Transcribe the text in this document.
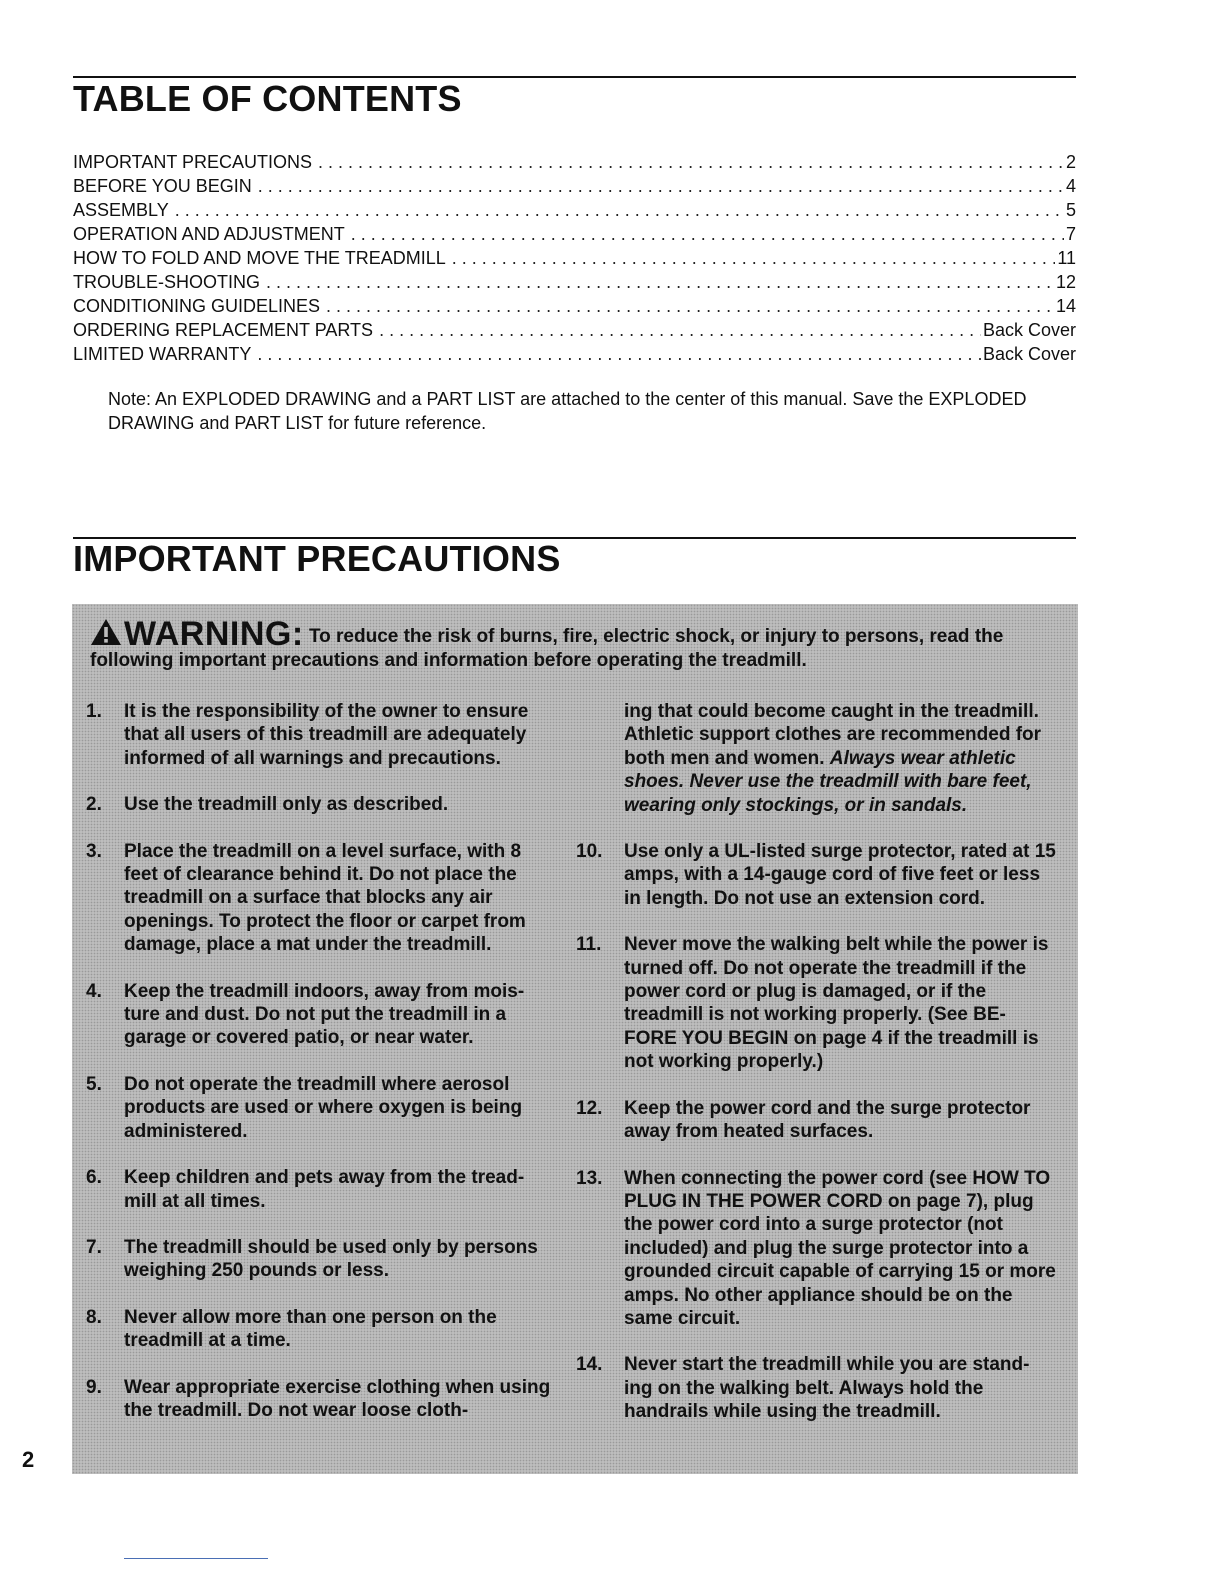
TABLE OF CONTENTS
IMPORTANT PRECAUTIONS . . .	2
BEFORE YOU BEGIN . . .	4
ASSEMBLY . . .	5
OPERATION AND ADJUSTMENT . . .	7
HOW TO FOLD AND MOVE THE TREADMILL . . .	11
TROUBLE-SHOOTING . . .	12
CONDITIONING GUIDELINES . . .	14
ORDERING REPLACEMENT PARTS . . .	Back Cover
LIMITED WARRANTY . . .	Back Cover

Note: An EXPLODED DRAWING and a PART LIST are attached to the center of this manual. Save the EXPLODED DRAWING and PART LIST for future reference.

IMPORTANT PRECAUTIONS
WARNING: To reduce the risk of burns, fire, electric shock, or injury to persons, read the following important precautions and information before operating the treadmill.
1. It is the responsibility of the owner to ensure that all users of this treadmill are adequately informed of all warnings and precautions.
2. Use the treadmill only as described.
3. Place the treadmill on a level surface, with 8 feet of clearance behind it. Do not place the treadmill on a surface that blocks any air openings. To protect the floor or carpet from damage, place a mat under the treadmill.
4. Keep the treadmill indoors, away from mois-ture and dust. Do not put the treadmill in a garage or covered patio, or near water.
5. Do not operate the treadmill where aerosol products are used or where oxygen is being administered.
6. Keep children and pets away from the tread-mill at all times.
7. The treadmill should be used only by persons weighing 250 pounds or less.
8. Never allow more than one person on the treadmill at a time.
9. Wear appropriate exercise clothing when using the treadmill. Do not wear loose cloth-
ing that could become caught in the treadmill. Athletic support clothes are recommended for both men and women. Always wear athletic shoes. Never use the treadmill with bare feet, wearing only stockings, or in sandals.
10. Use only a UL-listed surge protector, rated at 15 amps, with a 14-gauge cord of five feet or less in length. Do not use an extension cord.
11. Never move the walking belt while the power is turned off. Do not operate the treadmill if the power cord or plug is damaged, or if the treadmill is not working properly. (See BE-FORE YOU BEGIN on page 4 if the treadmill is not working properly.)
12. Keep the power cord and the surge protector away from heated surfaces.
13. When connecting the power cord (see HOW TO PLUG IN THE POWER CORD on page 7), plug the power cord into a surge protector (not included) and plug the surge protector into a grounded circuit capable of carrying 15 or more amps. No other appliance should be on the same circuit.
14. Never start the treadmill while you are stand-ing on the walking belt. Always hold the handrails while using the treadmill.
2
